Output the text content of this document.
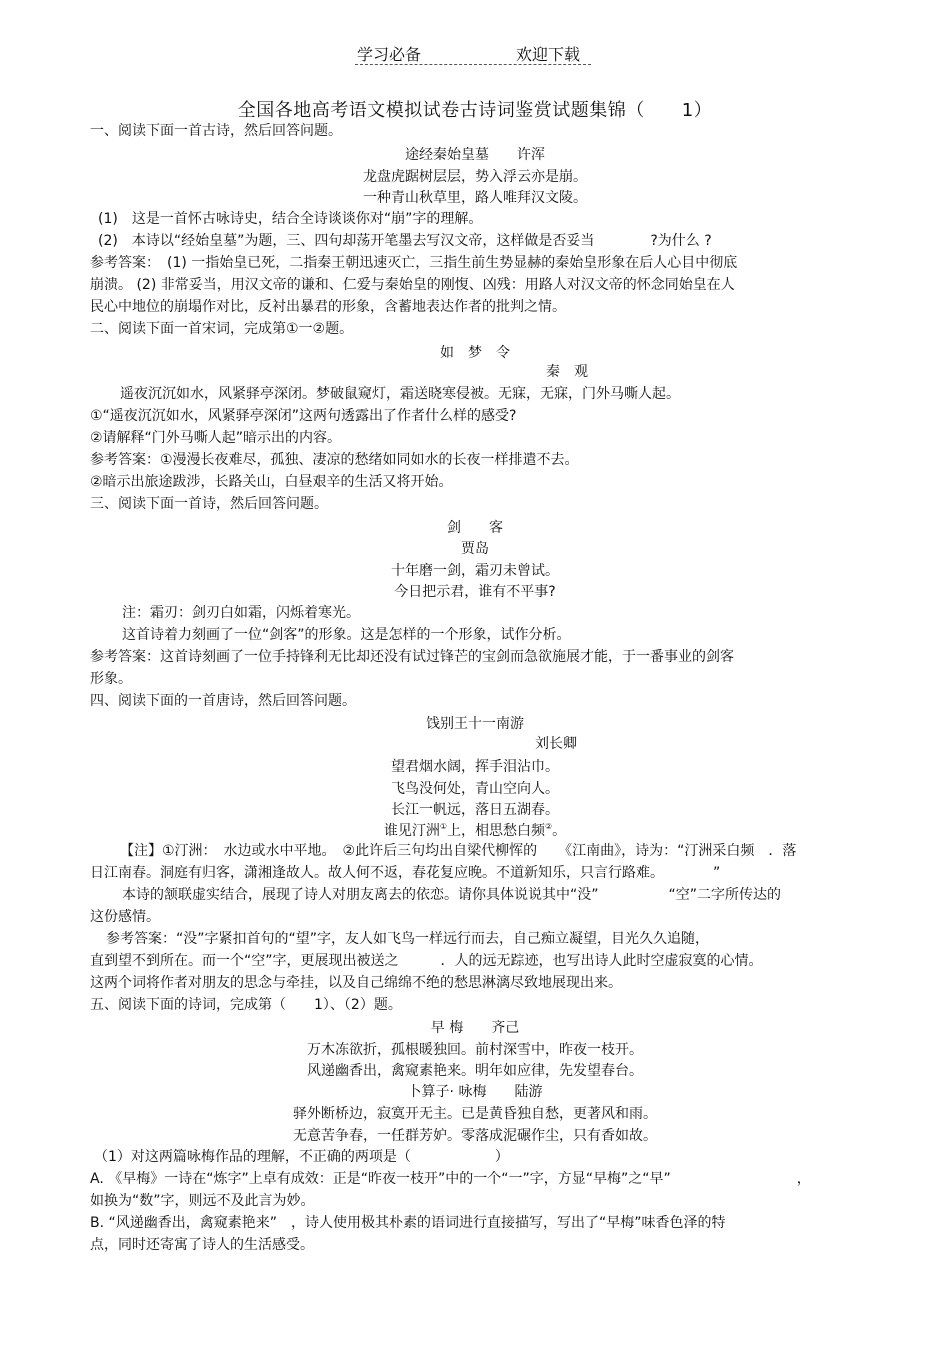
学习必备	欢迎下载
全国各地高考语文模拟试卷古诗词鉴赏试题集锦（　　1）
一、阅读下面一首古诗，然后回答问题。
途经秦始皇墓　　许浑
龙盘虎踞树层层，势入浮云亦是崩。
一种青山秋草里，路人唯拜汉文陵。
(1)　这是一首怀古咏诗史，结合全诗谈谈你对“崩”字的理解。
(2)　本诗以“经始皇墓”为题，三、四句却荡开笔墨去写汉文帝，这样做是否妥当　　　　?为什么 ?
参考答案：　(1) 一指始皇已死，二指秦王朝迅速灭亡，三指生前生势显赫的秦始皇形象在后人心目中彻底
崩溃。 (2) 非常妥当，用汉文帝的谦和、仁爱与秦始皇的刚愎、凶残：用路人对汉文帝的怀念同始皇在人
民心中地位的崩塌作对比，反衬出暴君的形象，含蓄地表达作者的批判之情。
二、阅读下面一首宋词，完成第①一②题。
如　梦　令
秦　观
遥夜沉沉如水，风紧驿亭深闭。梦破鼠窥灯，霜送晓寒侵被。无寐，无寐，门外马嘶人起。
①“遥夜沉沉如水，风紧驿亭深闭”这两句透露出了作者什么样的感受?
②请解释“门外马嘶人起”暗示出的内容。
参考答案：①漫漫长夜难尽，孤独、凄凉的愁绪如同如水的长夜一样排遣不去。
②暗示出旅途跋涉，长路关山，白昼艰辛的生活又将开始。
三、阅读下面一首诗，然后回答问题。
剑　　客
贾岛
十年磨一剑，霜刃未曾试。
今日把示君，谁有不平事?
注：霜刃：剑刃白如霜，闪烁着寒光。
这首诗着力刻画了一位“剑客”的形象。这是怎样的一个形象，试作分析。
参考答案：这首诗刻画了一位手持锋利无比却还没有试过锋芒的宝剑而急欲施展才能，于一番事业的剑客
形象。
四、阅读下面的一首唐诗，然后回答问题。
饯别王十一南游
刘长卿
望君烟水阔，挥手泪沾巾。
飞鸟没何处，青山空向人。
长江一帆远，落日五湖春。
谁见汀洲①上，相思愁白频②。
【注】①汀洲：　水边或水中平地。　②此许后三句均出自梁代柳恽的　　《江南曲》，诗为：“汀洲采白频　．落
日江南春。洞庭有归客，潇湘逢故人。故人何不返，春花复应晚。不道新知乐，只言行路难。　　　　”
本诗的颔联虚实结合，展现了诗人对朋友离去的依恋。请你具体说说其中“没”　　　　　“空”二字所传达的
这份感情。
参考答案：“没”字紧扣首句的“望”字，友人如飞鸟一样远行而去，自己痴立凝望，目光久久追随，
直到望不到所在。而一个“空”字，更展现出被送之　　　．人的远无踪迹，也写出诗人此时空虚寂寞的心情。
这两个词将作者对朋友的思念与牵挂，以及自己绵绵不绝的愁思淋漓尽致地展现出来。
五、阅读下面的诗词，完成第（　　1）、（2）题。
早 梅　　齐己
万木冻欲折，孤根暖独回。前村深雪中，昨夜一枝开。
风递幽香出，禽窥素艳来。明年如应律，先发望春台。
卜算子· 咏梅　　陆游
驿外断桥边，寂寞开无主。已是黄昏独自愁，更著风和雨。
无意苦争春，一任群芳妒。零落成泥碾作尘，只有香如故。
（1）对这两篇咏梅作品的理解，不正确的两项是（　　　　　　）
A. 《早梅》一诗在“炼字”上卓有成效：正是“昨夜一枝开”中的一个“一”字，方显“早梅”之“早”　　　　　　　　　，
如换为“数”字，则远不及此言为妙。
B. “风递幽香出，禽窥素艳来”　，诗人使用极其朴素的语词进行直接描写，写出了“早梅”味香色泽的特
点，同时还寄寓了诗人的生活感受。
